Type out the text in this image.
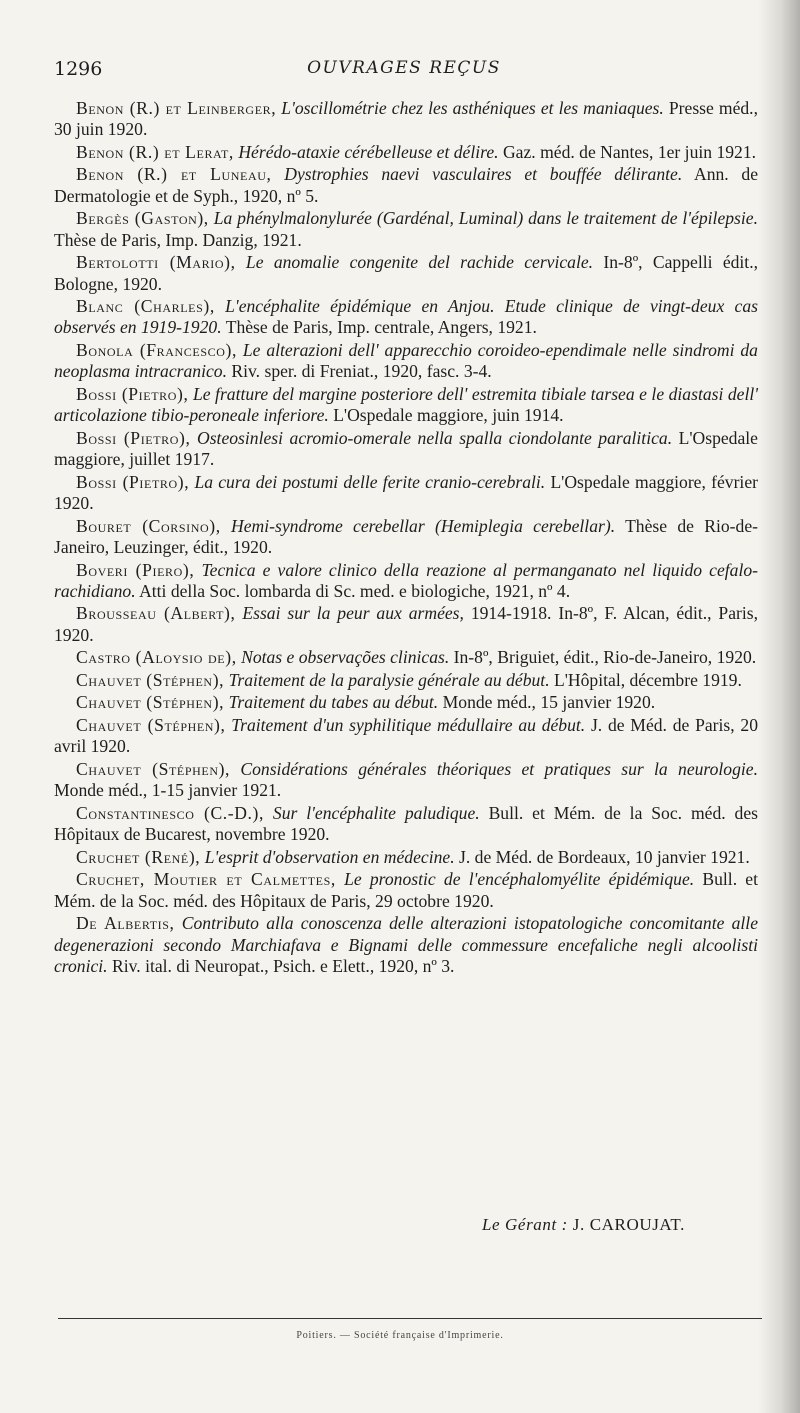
1296	OUVRAGES REÇUS

Benon (R.) et Leinberger, L'oscillométrie chez les asthéniques et les maniaques. Presse méd., 30 juin 1920.

Benon (R.) et Lerat, Hérédo-ataxie cérébelleuse et délire. Gaz. méd. de Nantes, 1er juin 1921.

Benon (R.) et Luneau, Dystrophies naevi vasculaires et bouffée délirante. Ann. de Dermatologie et de Syph., 1920, nº 5.

Bergès (Gaston), La phénylmalonylurée (Gardénal, Luminal) dans le traitement de l'épilepsie. Thèse de Paris, Imp. Danzig, 1921.

Bertolotti (Mario), Le anomalie congenite del rachide cervicale. In-8º, Cappelli édit., Bologne, 1920.

Blanc (Charles), L'encéphalite épidémique en Anjou. Etude clinique de vingt-deux cas observés en 1919-1920. Thèse de Paris, Imp. centrale, Angers, 1921.

Bonola (Francesco), Le alterazioni dell' apparecchio coroideo-ependimale nelle sindromi da neoplasma intracranico. Riv. sper. di Freniat., 1920, fasc. 3-4.

Bossi (Pietro), Le fratture del margine posteriore dell' estremita tibiale tarsea e le diastasi dell' articolazione tibio-peroneale inferiore. L'Ospedale maggiore, juin 1914.

Bossi (Pietro), Osteosinlesi acromio-omerale nella spalla ciondolante paralitica. L'Ospedale maggiore, juillet 1917.

Bossi (Pietro), La cura dei postumi delle ferite cranio-cerebrali. L'Ospedale maggiore, février 1920.

Bouret (Corsino), Hemi-syndrome cerebellar (Hemiplegia cerebellar). Thèse de Rio-de-Janeiro, Leuzinger, édit., 1920.

Boveri (Piero), Tecnica e valore clinico della reazione al permanganato nel liquido cefalo-rachidiano. Atti della Soc. lombarda di Sc. med. e biologiche, 1921, nº 4.

Brousseau (Albert), Essai sur la peur aux armées, 1914-1918. In-8º, F. Alcan, édit., Paris, 1920.

Castro (Aloysio de), Notas e observações clinicas. In-8º, Briguiet, édit., Rio-de-Janeiro, 1920.

Chauvet (Stéphen), Traitement de la paralysie générale au début. L'Hôpital, décembre 1919.

Chauvet (Stéphen), Traitement du tabes au début. Monde méd., 15 janvier 1920.

Chauvet (Stéphen), Traitement d'un syphilitique médullaire au début. J. de Méd. de Paris, 20 avril 1920.

Chauvet (Stéphen), Considérations générales théoriques et pratiques sur la neurologie. Monde méd., 1-15 janvier 1921.

Constantinesco (C.-D.), Sur l'encéphalite paludique. Bull. et Mém. de la Soc. méd. des Hôpitaux de Bucarest, novembre 1920.

Cruchet (René), L'esprit d'observation en médecine. J. de Méd. de Bordeaux, 10 janvier 1921.

Cruchet, Moutier et Calmettes, Le pronostic de l'encéphalomyélite épidémique. Bull. et Mém. de la Soc. méd. des Hôpitaux de Paris, 29 octobre 1920.

De Albertis, Contributo alla conoscenza delle alterazioni istopatologiche concomitante alle degenerazioni secondo Marchiafava e Bignami delle commessure encefaliche negli alcoolisti cronici. Riv. ital. di Neuropat., Psich. e Elett., 1920, nº 3.

Le Gérant : J. CAROUJAT.
Poitiers. — Société française d'Imprimerie.
